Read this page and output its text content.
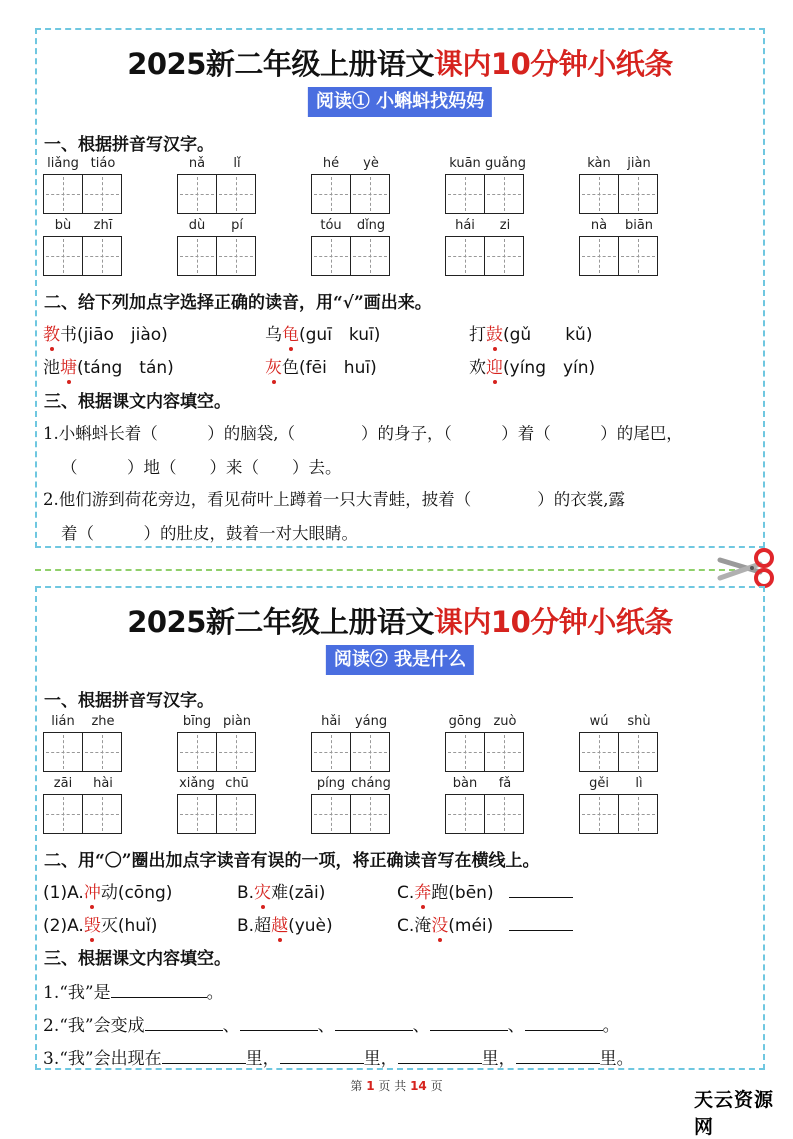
2025新二年级上册语文课内10分钟小纸条
阅读① 小蝌蚪找妈妈
一、根据拼音写汉字。
liǎng tiáo	nǎ	lǐ	hé	yè	kuān guǎng	kàn	jiàn
bù	zhī	dù	pí	tóu	dǐng	hái	zi	nà	biān
二、给下列加点字选择正确的读音，用“√”画出来。
教书(jiāo　jiào)	乌龟(guī　kuī)	打鼓(gǔ　　kǔ)
池塘(táng　tán)	灰色(fēi　huī)	欢迎(yíng　yín)
三、根据课文内容填空。
1.小蝌蚪长着（　　　）的脑袋,（　　　　）的身子，（　　　）着（　　　）的尾巴，
（　　　）地（　　）来（　　）去。
2.他们游到荷花旁边，看见荷叶上蹲着一只大青蛙，披着（　　　　）的衣裳,露
着（　　　）的肚皮，鼓着一对大眼睛。
2025新二年级上册语文课内10分钟小纸条
阅读② 我是什么
一、根据拼音写汉字。
lián	zhe	bīng piàn	hǎi	yáng	gōng zuò	wú	shù
zāi	hài	xiǎng chū	píng cháng	bàn	fǎ	gěi	lì
二、用“〇”圈出加点字读音有误的一项，将正确读音写在横线上。
(1)A.冲动(cōng)	B.灾难(zāi)	C.奔跑(bēn)
(2)A.毁灭(huǐ)	B.超越(yuè)	C.淹没(méi)
三、根据课文内容填空。
1.“我”是	。
2.“我”会变成	、	、	、	、	。
3.“我”会出现在	里，	里，	里，	里。
第 1 页 共 14 页
天云资源网
